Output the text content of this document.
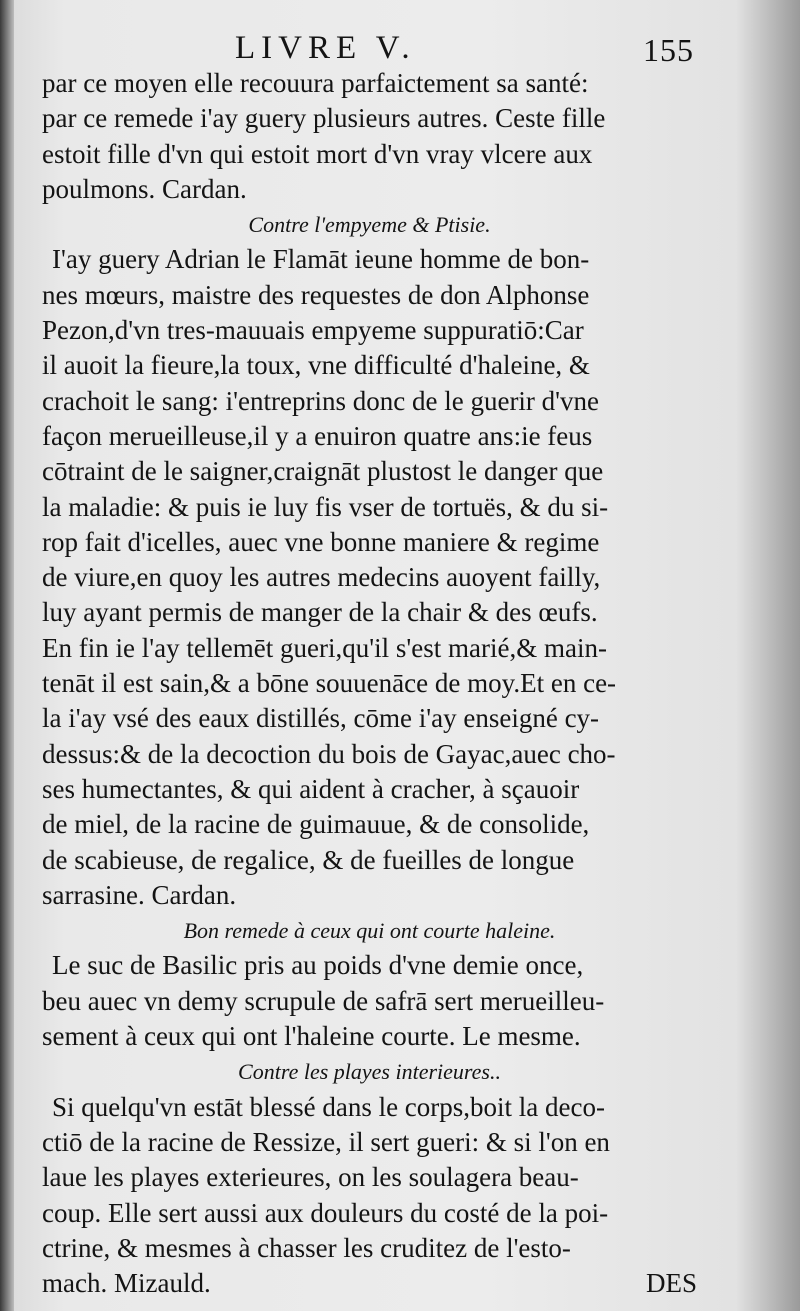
LIVRE V.	155
par ce moyen elle recouura parfaictement sa santé:
par ce remede i'ay guery plusieurs autres. Ceste fille
estoit fille d'vn qui estoit mort d'vn vray vlcere aux
poulmons. Cardan.
Contre l'empyeme & Ptisie.
I'ay guery Adrian le Flamāt ieune homme de bon-
nes mœurs, maistre des requestes de don Alphonse
Pezon,d'vn tres-mauuais empyeme suppuratiō:Car
il auoit la fieure,la toux, vne difficulté d'haleine, &
crachoit le sang: i'entreprins donc de le guerir d'vne
façon merueilleuse,il y a enuiron quatre ans:ie feus
cōtraint de le saigner,craignāt plustost le danger que
la maladie: & puis ie luy fis vser de tortuës, & du si-
rop fait d'icelles, auec vne bonne maniere & regime
de viure,en quoy les autres medecins auoyent failly,
luy ayant permis de manger de la chair & des œufs.
En fin ie l'ay tellemēt gueri,qu'il s'est marié,& main-
tenāt il est sain,& a bōne souuenāce de moy.Et en ce-
la i'ay vsé des eaux distillés, cōme i'ay enseigné cy-
dessus:& de la decoction du bois de Gayac,auec cho-
ses humectantes, & qui aident à cracher, à sçauoir
de miel, de la racine de guimauue, & de consolide,
de scabieuse, de regalice, & de fueilles de longue
sarrasine. Cardan.
Bon remede à ceux qui ont courte haleine.
Le suc de Basilic pris au poids d'vne demie once,
beu auec vn demy scrupule de safrā sert merueilleu-
sement à ceux qui ont l'haleine courte. Le mesme.
Contre les playes interieures..
Si quelqu'vn estāt blessé dans le corps,boit la deco-
ctiō de la racine de Ressize, il sert gueri: & si l'on en
laue les playes exterieures, on les soulagera beau-
coup. Elle sert aussi aux douleurs du costé de la poi-
ctrine, & mesmes à chasser les cruditez de l'esto-
mach. Mizauld.	DES
